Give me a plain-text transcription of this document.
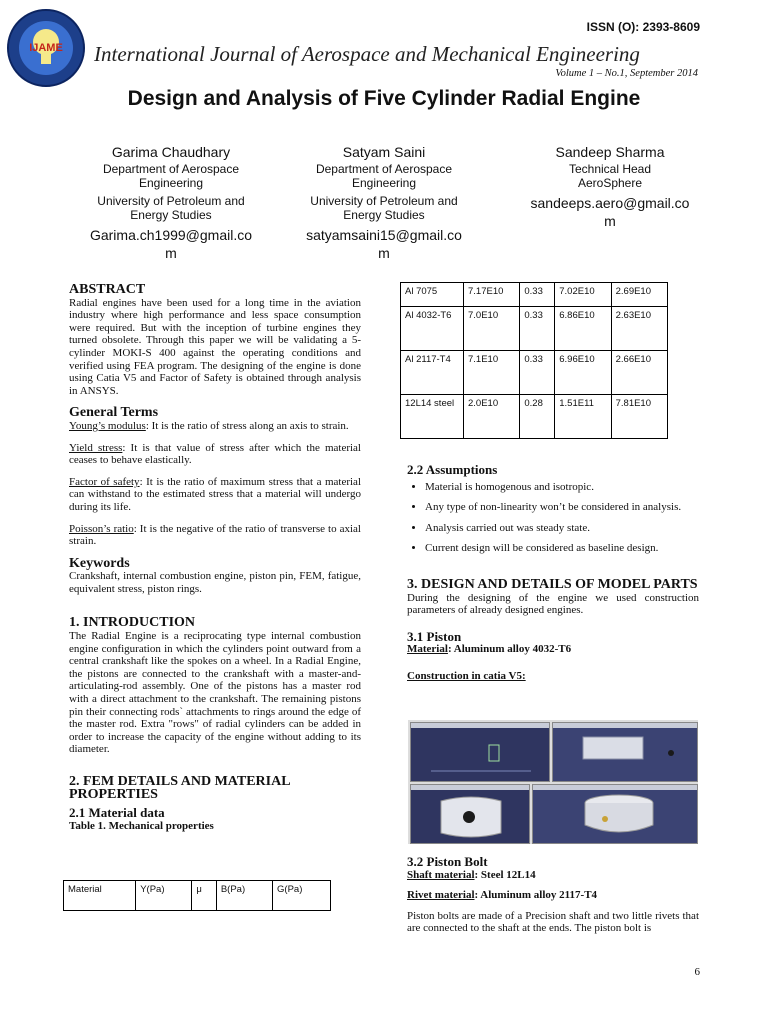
IJAME
ISSN (O): 2393-8609
International Journal of Aerospace and Mechanical Engineering
Volume 1 – No.1, September 2014
Design and Analysis of Five Cylinder Radial Engine
Garima Chaudhary
Department of Aerospace
Engineering
University of Petroleum and
Energy Studies
Garima.ch1999@gmail.co
m
Satyam Saini
Department of Aerospace
Engineering
University of Petroleum and
Energy Studies
satyamsaini15@gmail.co
m
Sandeep Sharma
Technical Head
AeroSphere
sandeeps.aero@gmail.co
m
ABSTRACT
Radial engines have been used for a long time in the aviation industry where high performance and less space consumption were required. But with the inception of turbine engines they turned obsolete. Through this paper we will be validating a 5-cylinder MOKI-S 400 against the operating conditions and verified using FEA program. The designing of the engine is done using Catia V5 and Factor of Safety is obtained through analysis in ANSYS.
General Terms
Young’s modulus: It is the ratio of stress along an axis to strain.
Yield stress: It is that value of stress after which the material ceases to behave elastically.
Factor of safety: It is the ratio of maximum stress that a material can withstand to the estimated stress that a material will undergo during its life.
Poisson’s ratio: It is the negative of the ratio of transverse to axial strain.
Keywords
Crankshaft, internal combustion engine, piston pin, FEM, fatigue, equivalent stress, piston rings.
1. INTRODUCTION
The Radial Engine is a reciprocating type internal combustion engine configuration in which the cylinders point outward from a central crankshaft like the spokes on a wheel. In a Radial Engine, the pistons are connected to the crankshaft with a master-and-articulating-rod assembly. One of the pistons has a master rod with a direct attachment to the crankshaft. The remaining pistons pin their connecting rods` attachments to rings around the edge of the master rod. Extra "rows" of radial cylinders can be added in order to increase the capacity of the engine without adding to its diameter.
2. FEM DETAILS AND MATERIAL PROPERTIES
2.1 Material data
Table 1. Mechanical properties
Material	Y(Pa)	μ	B(Pa)	G(Pa)
Al 7075	7.17E10	0.33	7.02E10	2.69E10
Al 4032-T6	7.0E10	0.33	6.86E10	2.63E10
Al 2117-T4	7.1E10	0.33	6.96E10	2.66E10
12L14 steel	2.0E10	0.28	1.51E11	7.81E10
2.2 Assumptions
• Material is homogenous and isotropic.
• Any type of non-linearity won’t be considered in analysis.
• Analysis carried out was steady state.
• Current design will be considered as baseline design.
3. DESIGN AND DETAILS OF MODEL PARTS
During the designing of the engine we used construction parameters of already designed engines.
3.1 Piston
Material: Aluminum alloy 4032-T6
Construction in catia V5:
3.2 Piston Bolt
Shaft material: Steel 12L14
Rivet material: Aluminum alloy 2117-T4
Piston bolts are made of a Precision shaft and two little rivets that are connected to the shaft at the ends. The piston bolt is
6
